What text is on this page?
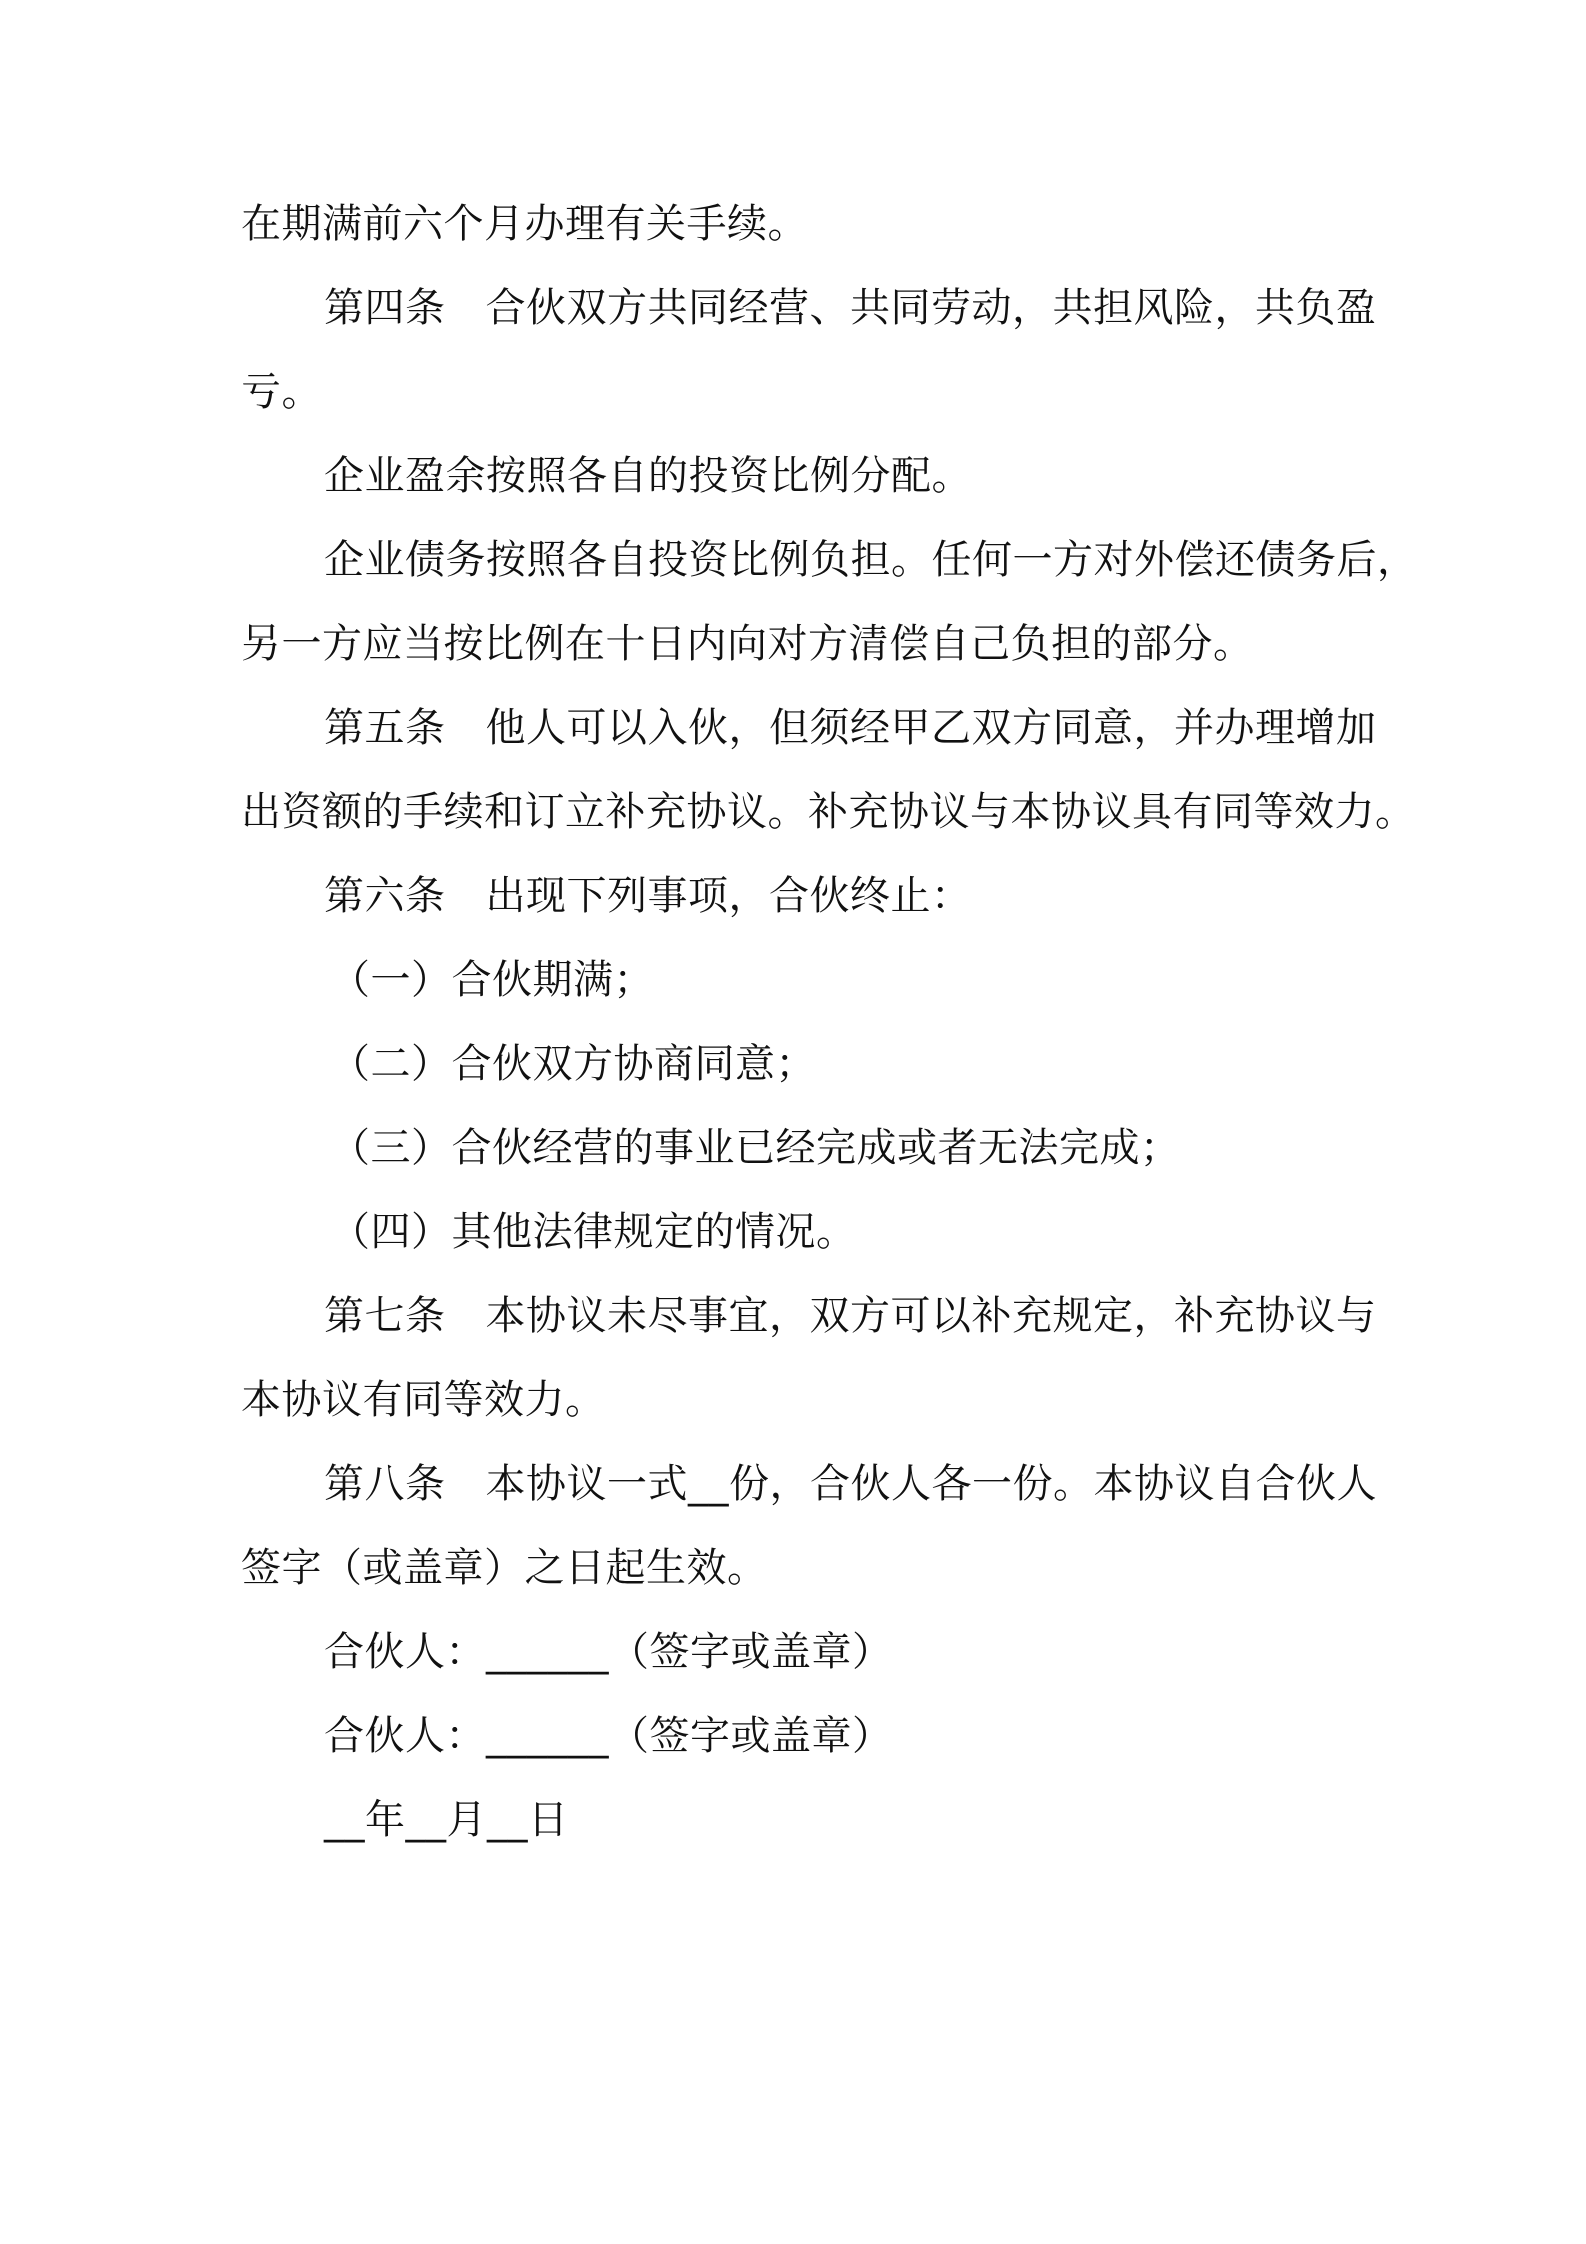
在期满前六个月办理有关手续。
第四条 合伙双方共同经营、共同劳动，共担风险，共负盈
亏。
企业盈余按照各自的投资比例分配。
企业债务按照各自投资比例负担。任何一方对外偿还债务后，
另一方应当按比例在十日内向对方清偿自己负担的部分。
第五条 他人可以入伙，但须经甲乙双方同意，并办理增加
出资额的手续和订立补充协议。补充协议与本协议具有同等效力。
第六条 出现下列事项，合伙终止：
（一）合伙期满；
（二）合伙双方协商同意；
（三）合伙经营的事业已经完成或者无法完成；
（四）其他法律规定的情况。
第七条 本协议未尽事宜，双方可以补充规定，补充协议与
本协议有同等效力。
第八条 本协议一式__份，合伙人各一份。本协议自合伙人
签字（或盖章）之日起生效。
合伙人：______（签字或盖章）
合伙人：______（签字或盖章）
__年__月__日
